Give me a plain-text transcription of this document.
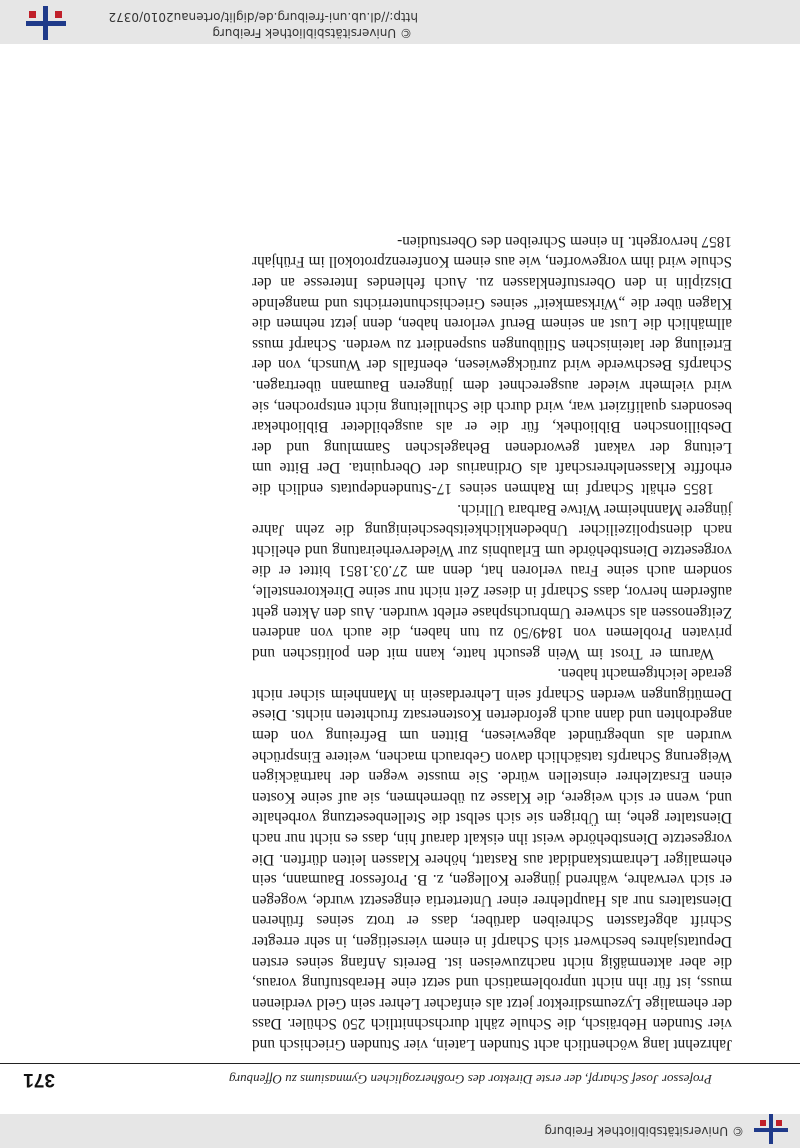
© Universitätsbibliothek Freiburg
371	Professor Josef Scharpf, der erste Direktor des Großherzoglichen Gymnasiums zu Offenburg

Jahrzehnt lang wöchentlich acht Stunden Latein, vier Stunden Griechisch und vier Stunden Hebräisch, die Schule zählt durchschnittlich 250 Schüler. Dass der ehemalige Lyzeumsdirektor jetzt als einfacher Lehrer sein Geld verdienen muss, ist für ihn nicht unproblematisch und setzt eine Herabstufung voraus, die aber aktenmäßig nicht nachzuweisen ist. Bereits Anfang seines ersten Deputatsjahres beschwert sich Scharpf in einem vierseitigen, in sehr erregter Schrift abgefassten Schreiben darüber, dass er trotz seines früheren Dienstalters nur als Hauptlehrer einer Untertertia eingesetzt wurde, wogegen er sich verwahre, während jüngere Kollegen, z. B. Professor Baumann, sein ehemaliger Lehramtskandidat aus Rastatt, höhere Klassen leiten dürften. Die vorgesetzte Dienstbehörde weist ihn eiskalt darauf hin, dass es nicht nur nach Dienstalter gehe, im Übrigen sie sich selbst die Stellenbesetzung vorbehalte und, wenn er sich weigere, die Klasse zu übernehmen, sie auf seine Kosten einen Ersatzlehrer einstellen würde. Sie musste wegen der hartnäckigen Weigerung Scharpfs tatsächlich davon Gebrauch machen, weitere Einsprüche wurden als unbegründet abgewiesen, Bitten um Befreiung von dem angedrohten und dann auch geforderten Kostenersatz fruchteten nichts. Diese Demütigungen werden Scharpf sein Lehrerdasein in Mannheim sicher nicht gerade leichtgemacht haben.

Warum er Trost im Wein gesucht hatte, kann mit den politischen und privaten Problemen von 1849/50 zu tun haben, die auch von anderen Zeitgenossen als schwere Umbruchsphase erlebt wurden. Aus den Akten geht außerdem hervor, dass Scharpf in dieser Zeit nicht nur seine Direktorenstelle, sondern auch seine Frau verloren hat, denn am 27.03.1851 bittet er die vorgesetzte Dienstbehörde um Erlaubnis zur Wiederverheiratung und ehelicht nach dienstpolizeilicher Unbedenklichkeitsbescheinigung die zehn Jahre jüngere Mannheimer Witwe Barbara Ullrich.

1855 erhält Scharpf im Rahmen seines 17-Stundendeputats endlich die erhoffte Klassenlehrerschaft als Ordinarius der Oberquinta. Der Bitte um Leitung der vakant gewordenen Behagelschen Sammlung und der Desbillionschen Bibliothek, für die er als ausgebildeter Bibliothekar besonders qualifiziert war, wird durch die Schulleitung nicht entsprochen, sie wird vielmehr wieder ausgerechnet dem jüngeren Baumann übertragen. Scharpfs Beschwerde wird zurückgewiesen, ebenfalls der Wunsch, von der Erteilung der lateinischen Stilübungen suspendiert zu werden. Scharpf muss allmählich die Lust an seinem Beruf verloren haben, denn jetzt nehmen die Klagen über die „Wirksamkeit“ seines Griechischunterrichts und mangelnde Disziplin in den Oberstufenklassen zu. Auch fehlendes Interesse an der Schule wird ihm vorgeworfen, wie aus einem Konferenzprotokoll im Frühjahr 1857 hervorgeht. In einem Schreiben des Oberstudien-

© Universitätsbibliothek Freiburg
http://dl.ub.uni-freiburg.de/diglit/ortenau2010/0372
